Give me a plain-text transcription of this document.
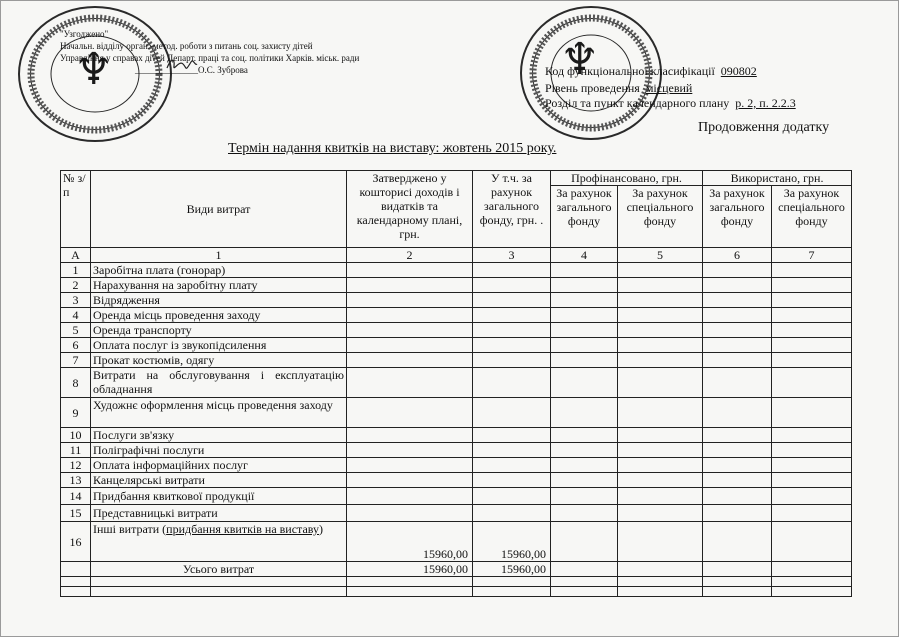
♆
"Узгоджено"
Начальн. відділу орган.-метод. роботи з питань соц. захисту дітей
Управління у справах дітей Департ. праці та соц. політики Харків. міськ. ради
______________О.С. Зуброва	♆
Код функціональної класифікації 090802
Рівень проведення місцевий
Розділ та пункт календарного плану р. 2, п. 2.2.3
Продовження додатку
Термін надання квитків на виставу: жовтень 2015 року.
№ з/п	Види витрат	Затверджено у кошторисі доходів і видатків та календарному плані, грн.	У т.ч. за рахунок загального фонду, грн. .	Профінансовано, грн.		Використано, грн.	
				За рахунок загального фонду	За рахунок спеціального фонду	За рахунок загального фонду	За рахунок спеціального фонду
А	1	2	3	4	5	6	7
1	Заробітна плата (гонорар)						
2	Нарахування на заробітну плату						
3	Відрядження						
4	Оренда місць проведення заходу						
5	Оренда транспорту						
6	Оплата послуг із звукопідсилення						
7	Прокат костюмів, одягу						
8	Витрати на обслуговування і експлуатацію обладнання						
9	Художнє оформлення місць проведення заходу						
10	Послуги зв'язку						
11	Поліграфічні послуги						
12	Оплата інформаційних послуг						
13	Канцелярські витрати						
14	Придбання квиткової продукції						
15	Представницькі витрати						
16	Інші витрати (придбання квитків на виставу)	15960,00	15960,00				
	Усього витрат	15960,00	15960,00				
